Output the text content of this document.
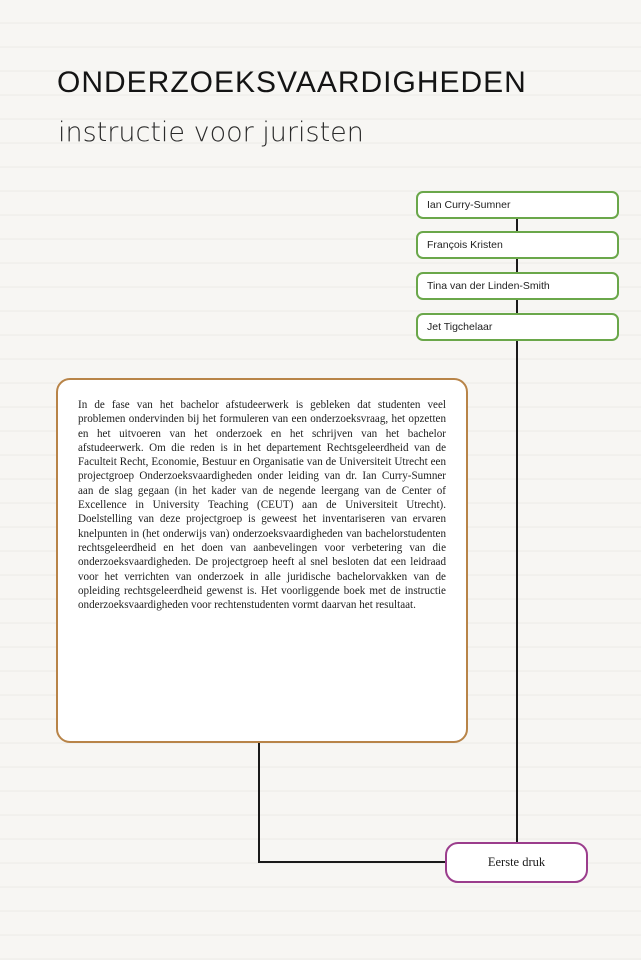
ONDERZOEKSVAARDIGHEDEN
instructie voor juristen
Ian Curry-Sumner
François Kristen
Tina van der Linden-Smith
Jet Tigchelaar

In de fase van het bachelor afstudeerwerk is gebleken dat studenten veel problemen ondervinden bij het formuleren van een onderzoeksvraag, het opzetten en het uitvoeren van het onderzoek en het schrijven van het bachelor afstudeerwerk. Om die reden is in het departement Rechtsgeleerdheid van de Faculteit Recht, Economie, Bestuur en Organisatie van de Universiteit Utrecht een projectgroep Onderzoeksvaardigheden onder leiding van dr. Ian Curry-Sumner aan de slag gegaan (in het kader van de negende leergang van de Center of Excellence in University Teaching (CEUT) aan de Universiteit Utrecht). Doelstelling van deze projectgroep is geweest het inventariseren van ervaren knelpunten in (het onderwijs van) onderzoeksvaardigheden van bachelorstudenten rechtsgeleerdheid en het doen van aanbevelingen voor verbetering van die onderzoeksvaardigheden. De projectgroep heeft al snel besloten dat een leidraad voor het verrichten van onderzoek in alle juridische bachelorvakken van de opleiding rechtsgeleerdheid gewenst is. Het voorliggende boek met de instructie onderzoeksvaardigheden voor rechtenstudenten vormt daarvan het resultaat.

Eerste druk
